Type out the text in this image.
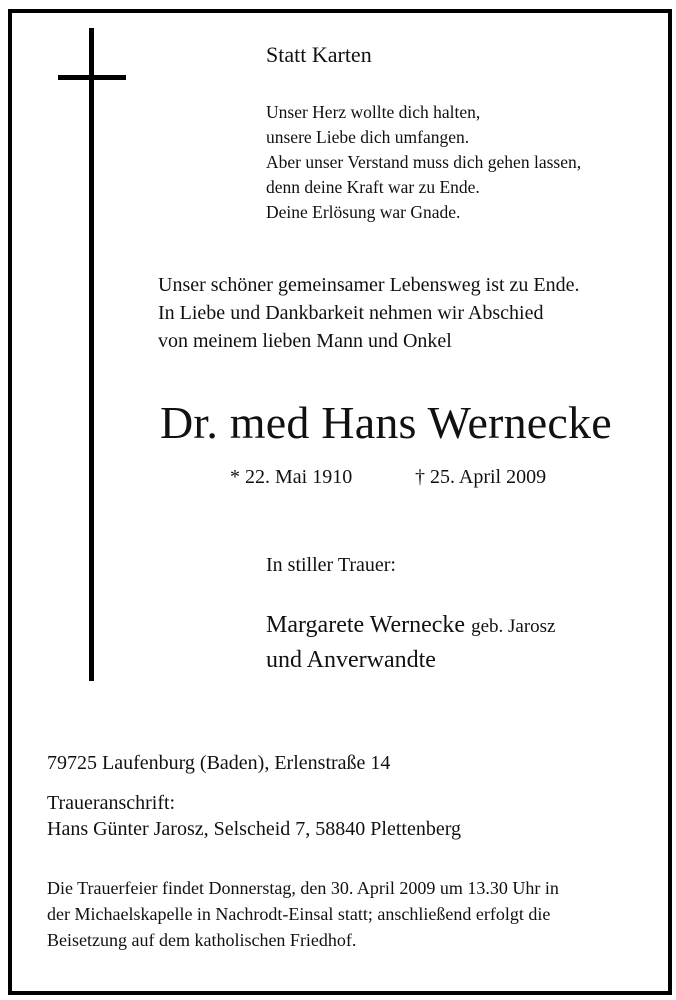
Statt Karten
Unser Herz wollte dich halten,
unsere Liebe dich umfangen.
Aber unser Verstand muss dich gehen lassen,
denn deine Kraft war zu Ende.
Deine Erlösung war Gnade.
Unser schöner gemeinsamer Lebensweg ist zu Ende.
In Liebe und Dankbarkeit nehmen wir Abschied
von meinem lieben Mann und Onkel
Dr. med Hans Wernecke
* 22. Mai 1910	† 25. April 2009
In stiller Trauer:
Margarete Wernecke geb. Jarosz
und Anverwandte
79725 Laufenburg (Baden), Erlenstraße 14
Traueranschrift:
Hans Günter Jarosz, Selscheid 7, 58840 Plettenberg
Die Trauerfeier findet Donnerstag, den 30. April 2009 um 13.30 Uhr in
der Michaelskapelle in Nachrodt-Einsal statt; anschließend erfolgt die
Beisetzung auf dem katholischen Friedhof.
